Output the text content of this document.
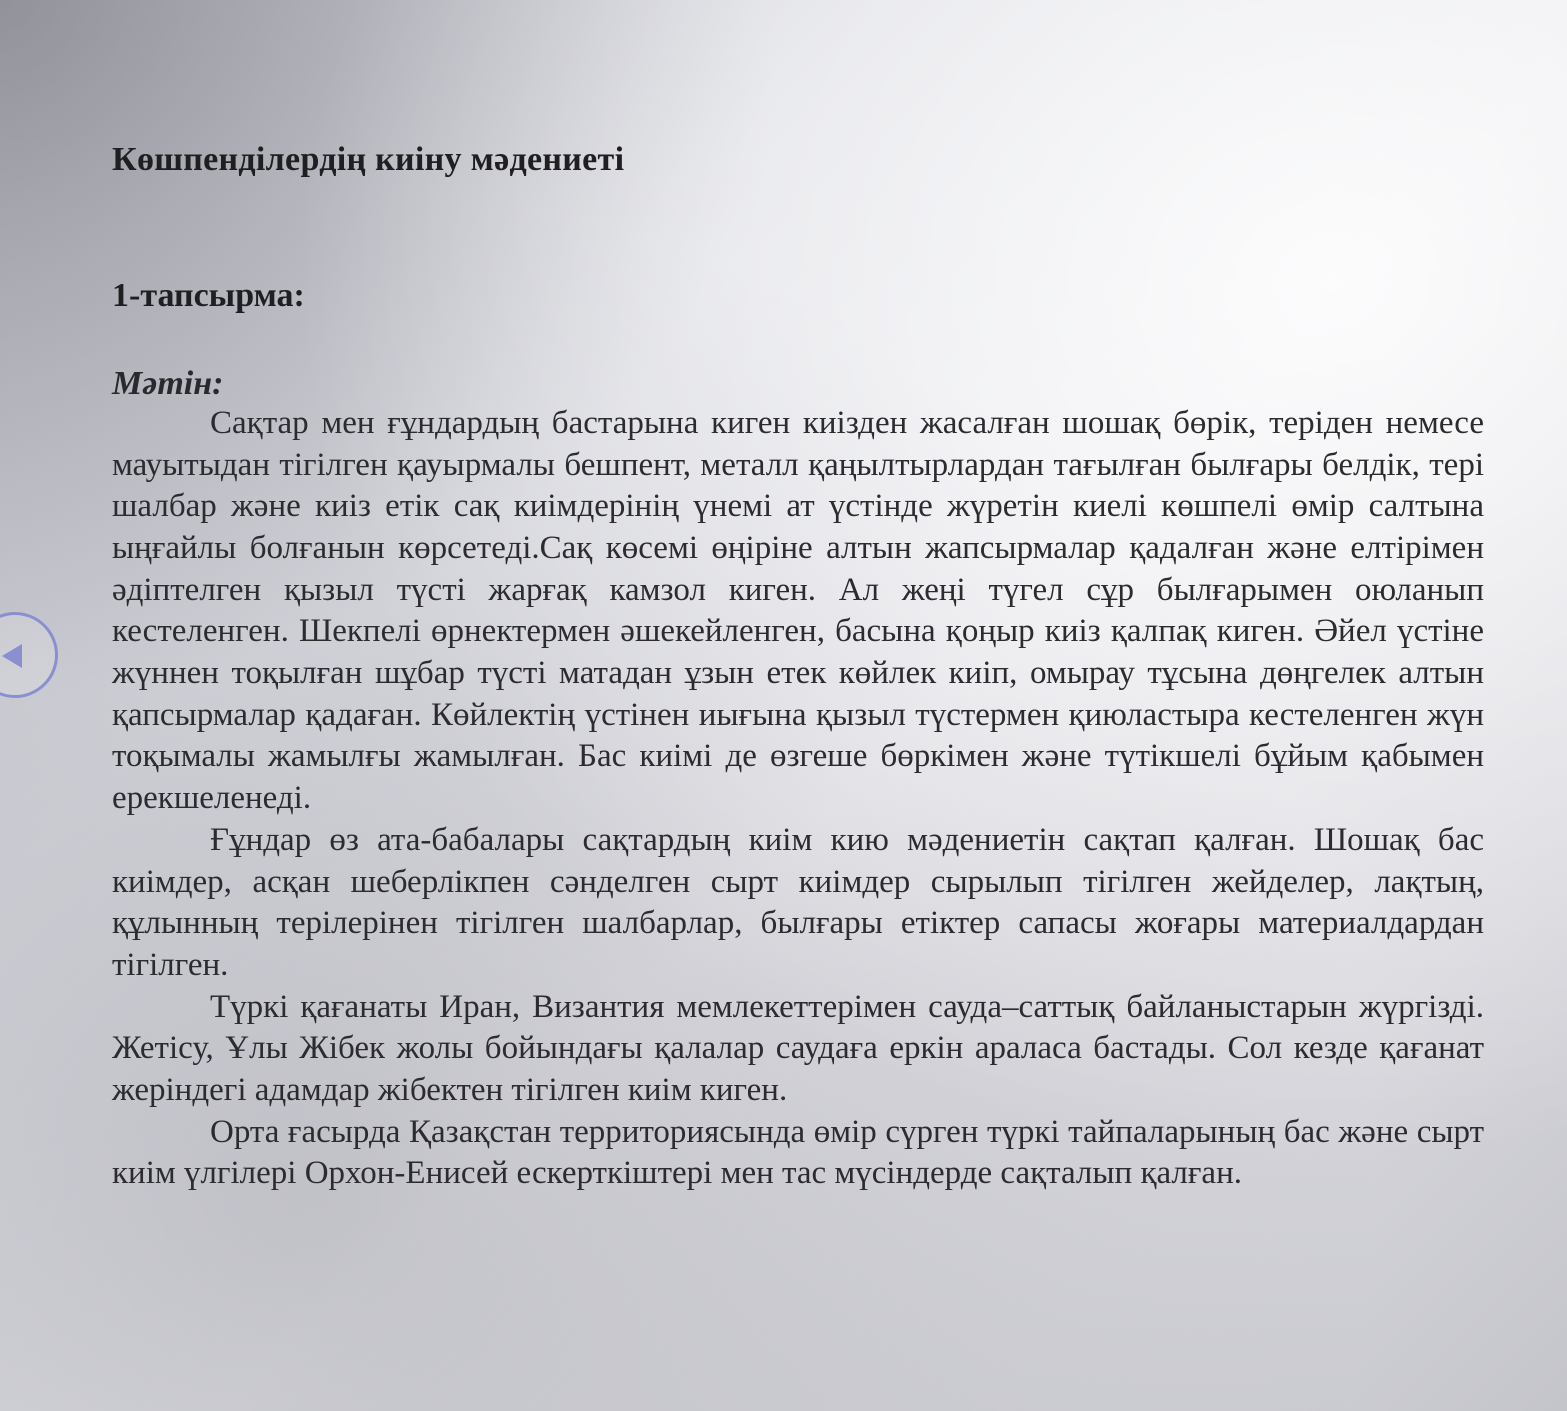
Көшпенділердің киіну мәдениеті
1-тапсырма:
Мәтін:

Сақтар мен ғұндардың бастарына киген киізден жасалған шошақ бөрік, теріден немесе мауытыдан тігілген қауырмалы бешпент, металл қаңылтырлардан тағылған былғары белдік, тері шалбар және киіз етік сақ киімдерінің үнемі ат үстінде жүретін киелі көшпелі өмір салтына ыңғайлы болғанын көрсетеді.Сақ көсемі өңіріне алтын жапсырмалар қадалған және елтірімен әдіптелген қызыл түсті жарғақ камзол киген. Ал жеңі түгел сұр былғарымен оюланып кестеленген. Шекпелі өрнектермен әшекейленген, басына қоңыр киіз қалпақ киген. Әйел үстіне жүннен тоқылған шұбар түсті матадан ұзын етек көйлек киіп, омырау тұсына дөңгелек алтын қапсырмалар қадаған. Көйлектің үстінен иығына қызыл түстермен қиюластыра кестеленген жүн тоқымалы жамылғы жамылған. Бас киімі де өзгеше бөркімен және түтікшелі бұйым қабымен ерекшеленеді.

Ғұндар өз ата-бабалары сақтардың киім кию мәдениетін сақтап қалған. Шошақ бас киімдер, асқан шеберлікпен сәнделген сырт киімдер сырылып тігілген жейделер, лақтың, құлынның терілерінен тігілген шалбарлар, былғары етіктер сапасы жоғары материалдардан тігілген.

Түркі қағанаты Иран, Византия мемлекеттерімен сауда–саттық байланыстарын жүргізді. Жетісу, Ұлы Жібек жолы бойындағы қалалар саудаға еркін араласа бастады. Сол кезде қағанат жеріндегі адамдар жібектен тігілген киім киген.

Орта ғасырда Қазақстан территориясында өмір сүрген түркі тайпаларының бас және сырт киім үлгілері Орхон-Енисей ескерткіштері мен тас мүсіндерде сақталып қалған.
